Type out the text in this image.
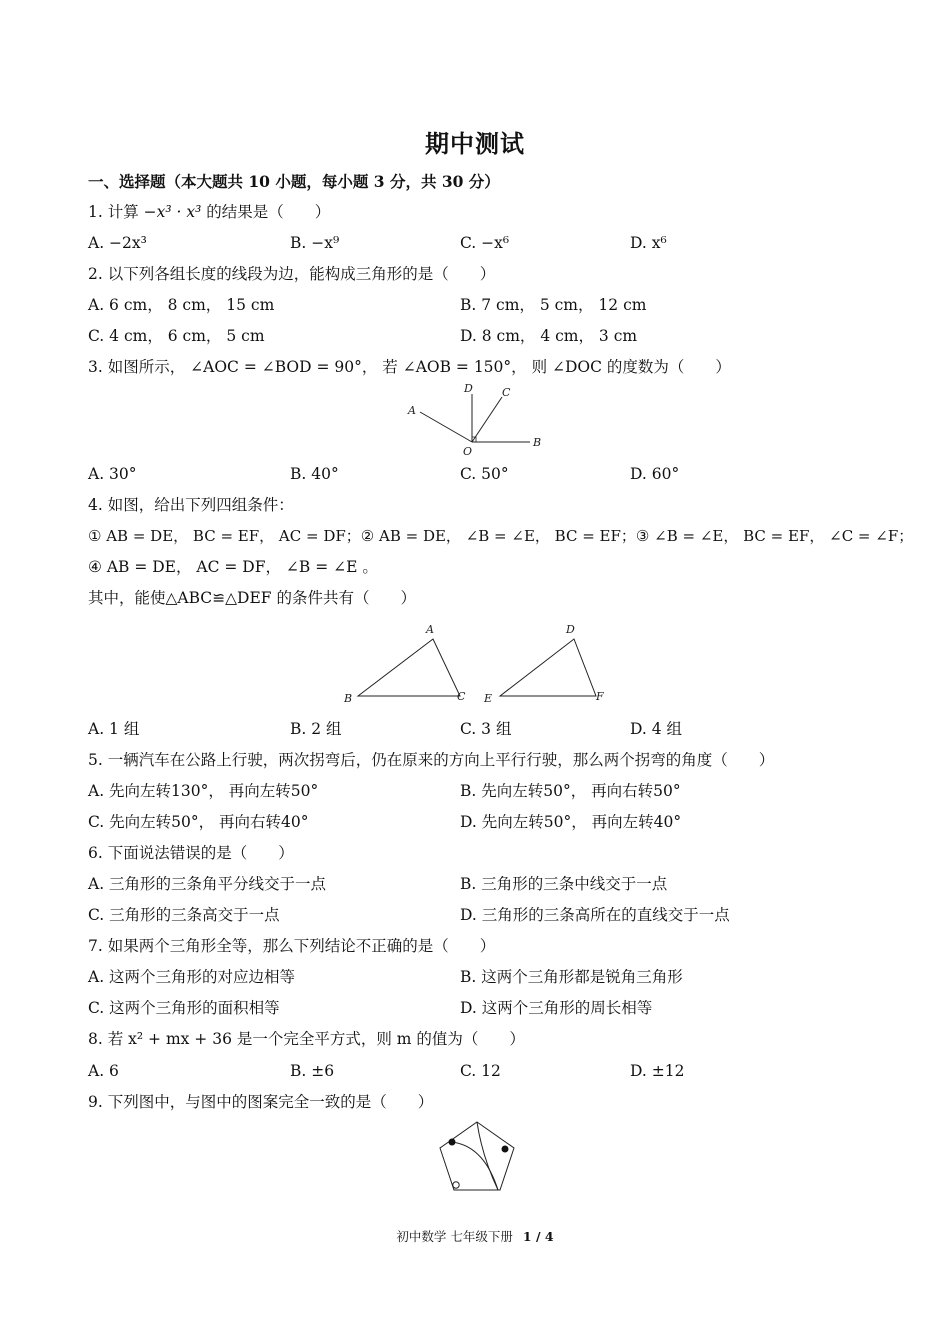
期中测试
一、选择题（本大题共 10 小题，每小题 3 分，共 30 分）
1. 计算 −x³ · x³ 的结果是（　　）
A. −2x³	B. −x⁹	C. −x⁶	D. x⁶
2. 以下列各组长度的线段为边，能构成三角形的是（　　）
A. 6 cm， 8 cm， 15 cm	B. 7 cm， 5 cm， 12 cm
C. 4 cm， 6 cm， 5 cm	D. 8 cm， 4 cm， 3 cm
3. 如图所示， ∠AOC = ∠BOD = 90°， 若 ∠AOB = 150°， 则 ∠DOC 的度数为（　　）
D	C
A
O
B
A. 30°	B. 40°	C. 50°	D. 60°
4. 如图，给出下列四组条件：
① AB = DE， BC = EF， AC = DF；② AB = DE， ∠B = ∠E， BC = EF；③ ∠B = ∠E， BC = EF， ∠C = ∠F；
④ AB = DE， AC = DF， ∠B = ∠E 。
其中，能使△ABC≌△DEF 的条件共有（　　）
A
B	C
D
E	F
A. 1 组	B. 2 组	C. 3 组	D. 4 组
5. 一辆汽车在公路上行驶，两次拐弯后，仍在原来的方向上平行行驶，那么两个拐弯的角度（　　）
A. 先向左转130°， 再向左转50°	B. 先向左转50°， 再向右转50°
C. 先向左转50°， 再向右转40°	D. 先向左转50°， 再向左转40°
6. 下面说法错误的是（　　）
A. 三角形的三条角平分线交于一点	B. 三角形的三条中线交于一点
C. 三角形的三条高交于一点	D. 三角形的三条高所在的直线交于一点
7. 如果两个三角形全等，那么下列结论不正确的是（　　）
A. 这两个三角形的对应边相等	B. 这两个三角形都是锐角三角形
C. 这两个三角形的面积相等	D. 这两个三角形的周长相等
8. 若 x² + mx + 36 是一个完全平方式，则 m 的值为（　　）
A. 6	B. ±6	C. 12	D. ±12
9. 下列图中，与图中的图案完全一致的是（　　）
初中数学 七年级下册 1 / 4
